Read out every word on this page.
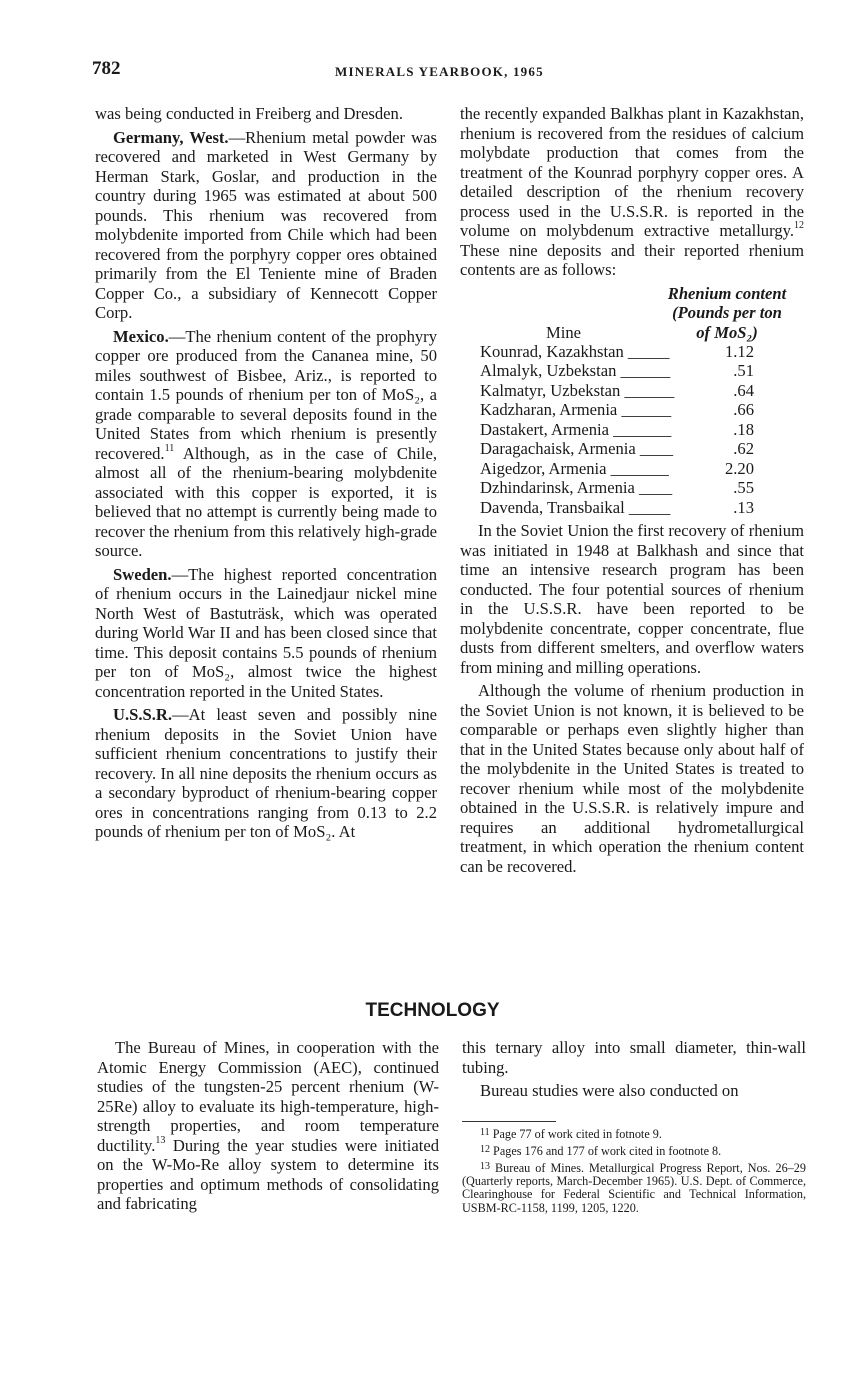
782	MINERALS YEARBOOK, 1965

was being conducted in Freiberg and Dresden.

Germany, West.—Rhenium metal powder was recovered and marketed in West Germany by Herman Stark, Goslar, and production in the country during 1965 was estimated at about 500 pounds. This rhenium was recovered from molybdenite imported from Chile which had been recovered from the porphyry copper ores obtained primarily from the El Teniente mine of Braden Copper Co., a subsidiary of Kennecott Copper Corp.

Mexico.—The rhenium content of the prophyry copper ore produced from the Cananea mine, 50 miles southwest of Bisbee, Ariz., is reported to contain 1.5 pounds of rhenium per ton of MoS₂, a grade comparable to several deposits found in the United States from which rhenium is presently recovered.$^{11}$ Although, as in the case of Chile, almost all of the rhenium-bearing molybdenite associated with this copper is exported, it is believed that no attempt is currently being made to recover the rhenium from this relatively high-grade source.

Sweden.—The highest reported concentration of rhenium occurs in the Lainedjaur nickel mine North West of Bastuträsk, which was operated during World War II and has been closed since that time. This deposit contains 5.5 pounds of rhenium per ton of MoS₂, almost twice the highest concentration reported in the United States.

U.S.S.R.—At least seven and possibly nine rhenium deposits in the Soviet Union have sufficient rhenium concentrations to justify their recovery. In all nine deposits the rhenium occurs as a secondary byproduct of rhenium-bearing copper ores in concentrations ranging from 0.13 to 2.2 pounds of rhenium per ton of MoS₂. At

the recently expanded Balkhas plant in Kazakhstan, rhenium is recovered from the residues of calcium molybdate production that comes from the treatment of the Kounrad porphyry copper ores. A detailed description of the rhenium recovery process used in the U.S.S.R. is reported in the volume on molybdenum extractive metallurgy.$^{12}$ These nine deposits and their reported rhenium contents are as follows:

Rhenium content
(Pounds per ton
of MoS₂)
Mine
Kounrad, Kazakhstan _____	1.12
Almalyk, Uzbekstan ______	.51
Kalmatyr, Uzbekstan ______	.64
Kadzharan, Armenia ______	.66
Dastakert, Armenia _______	.18
Daragachaisk, Armenia ____	.62
Aigedzor, Armenia _______	2.20
Dzhindarinsk, Armenia ____	.55
Davenda, Transbaikal _____	.13

In the Soviet Union the first recovery of rhenium was initiated in 1948 at Balkhash and since that time an intensive research program has been conducted. The four potential sources of rhenium in the U.S.S.R. have been reported to be molybdenite concentrate, copper concentrate, flue dusts from different smelters, and overflow waters from mining and milling operations.

Although the volume of rhenium production in the Soviet Union is not known, it is believed to be comparable or perhaps even slightly higher than that in the United States because only about half of the molybdenite in the United States is treated to recover rhenium while most of the molybdenite obtained in the U.S.S.R. is relatively impure and requires an additional hydrometallurgical treatment, in which operation the rhenium content can be recovered.

TECHNOLOGY

The Bureau of Mines, in cooperation with the Atomic Energy Commission (AEC), continued studies of the tungsten-25 percent rhenium (W-25Re) alloy to evaluate its high-temperature, high-strength properties, and room temperature ductility.$^{13}$ During the year studies were initiated on the W-Mo-Re alloy system to determine its properties and optimum methods of consolidating and fabricating

this ternary alloy into small diameter, thin-wall tubing.

Bureau studies were also conducted on

$^{11}$ Page 77 of work cited in fotnote 9.

$^{12}$ Pages 176 and 177 of work cited in footnote 8.

$^{13}$ Bureau of Mines. Metallurgical Progress Report, Nos. 26–29 (Quarterly reports, March-December 1965). U.S. Dept. of Commerce, Clearinghouse for Federal Scientific and Technical Information, USBM-RC-1158, 1199, 1205, 1220.
